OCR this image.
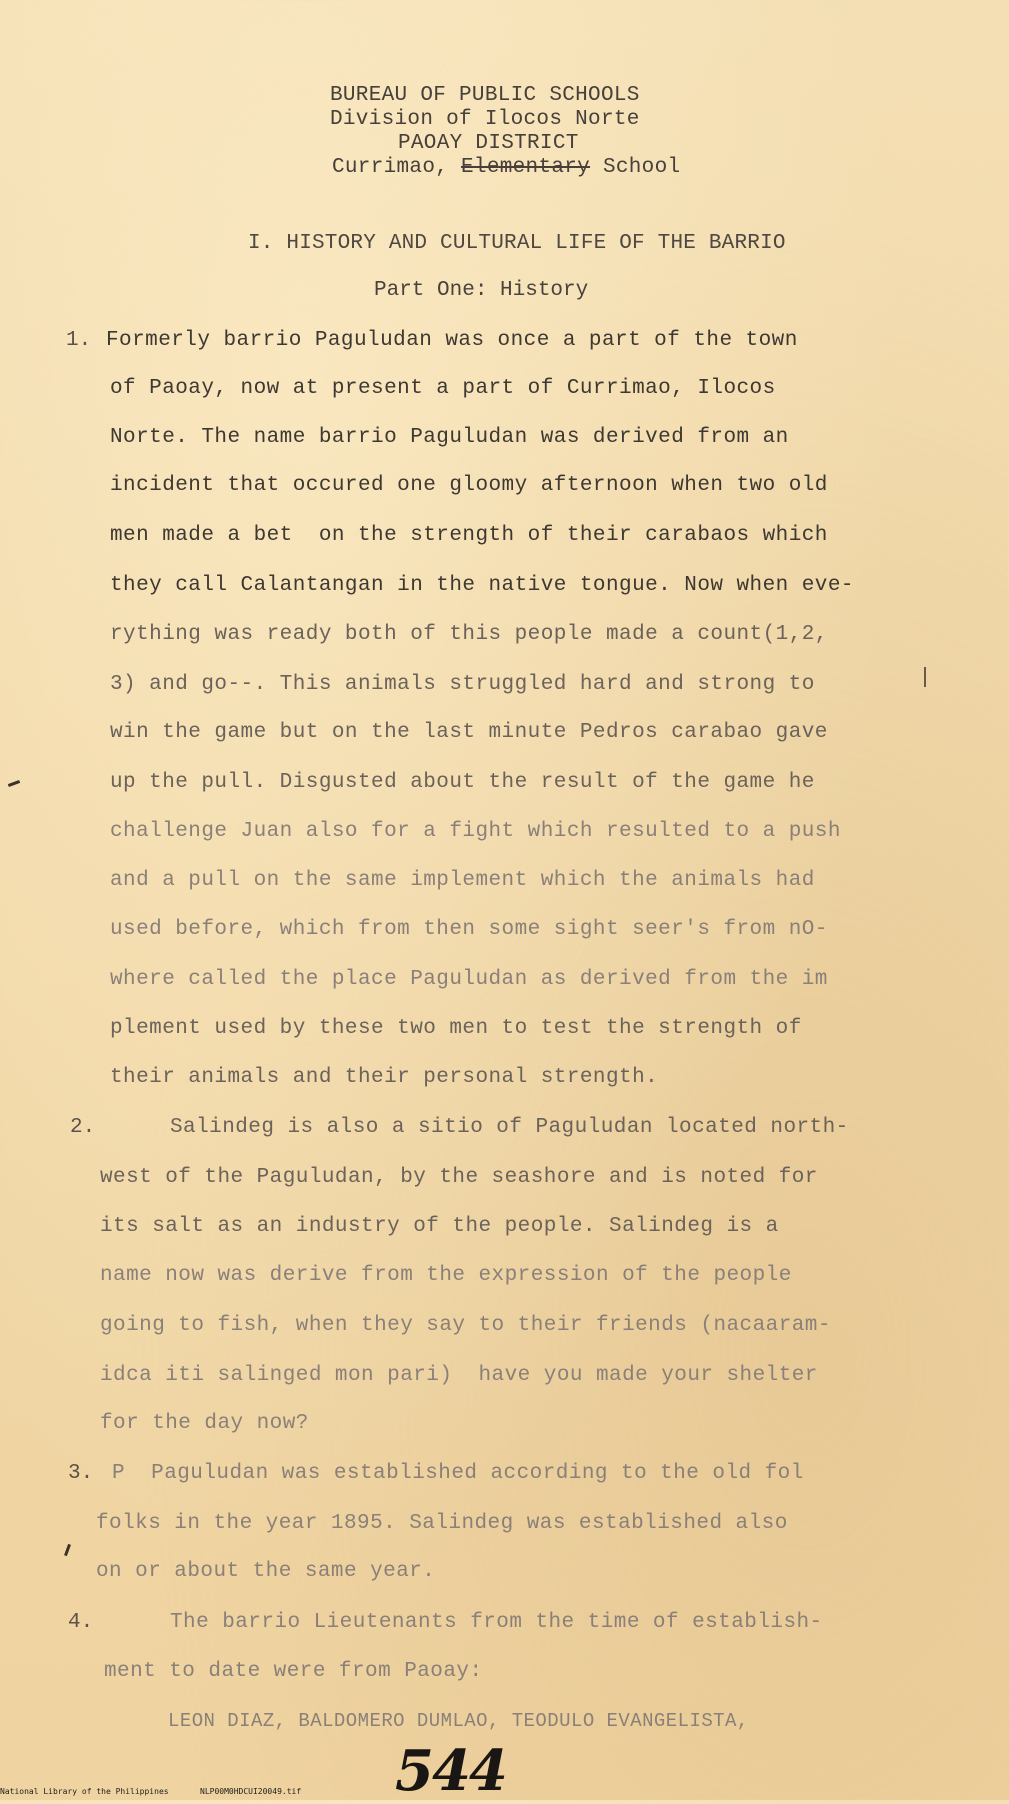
BUREAU OF PUBLIC SCHOOLS
Division of Ilocos Norte
PAOAY DISTRICT
Currimao, Elementary School
I. HISTORY AND CULTURAL LIFE OF THE BARRIO
Part One: History
1. Formerly barrio Paguludan was once a part of the town
of Paoay, now at present a part of Currimao, Ilocos
Norte. The name barrio Paguludan was derived from an
incident that occured one gloomy afternoon when two old
men made a bet  on the strength of their carabaos which
they call Calantangan in the native tongue. Now when eve-
rything was ready both of this people made a count(1,2,
3) and go--. This animals struggled hard and strong to
win the game but on the last minute Pedros carabao gave
up the pull. Disgusted about the result of the game he
challenge Juan also for a fight which resulted to a push
and a pull on the same implement which the animals had
used before, which from then some sight seer's from nO-
where called the place Paguludan as derived from the im
plement used by these two men to test the strength of
their animals and their personal strength.
2.	Salindeg is also a sitio of Paguludan located north-
west of the Paguludan, by the seashore and is noted for
its salt as an industry of the people. Salindeg is a
name now was derive from the expression of the people
going to fish, when they say to their friends (nacaaram-
idca iti salinged mon pari)  have you made your shelter
for the day now?
3. P  Paguludan was established according to the old fol
folks in the year 1895. Salindeg was established also
on or about the same year.
4.	The barrio Lieutenants from the time of establish-
ment to date were from Paoay:
LEON DIAZ, BALDOMERO DUMLAO, TEODULO EVANGELISTA,
544
National Library of the Philippines	NLP00M0HDCUI20049.tif
